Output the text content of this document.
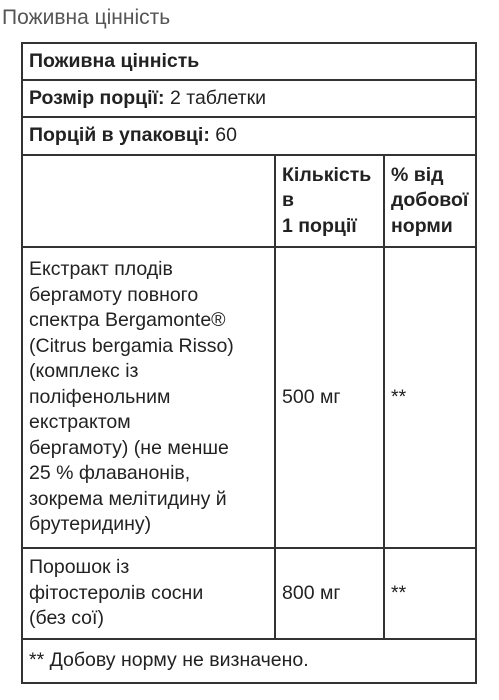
Поживна цінність
Поживна цінність
Розмір порції: 2 таблетки
Порцій в упаковці: 60
Кількість
в
1 порції
% від
добової
норми
Екстракт плодів
бергамоту повного
спектра Bergamonte®
(Citrus bergamia Risso)
(комплекс із
поліфенольним
екстрактом
бергамоту) (не менше
25 % флаванонів,
зокрема мелітидину й
брутеридину)
500 мг	**
Порошок із
фітостеролів сосни
(без сої)
800 мг	**
** Добову норму не визначено.
